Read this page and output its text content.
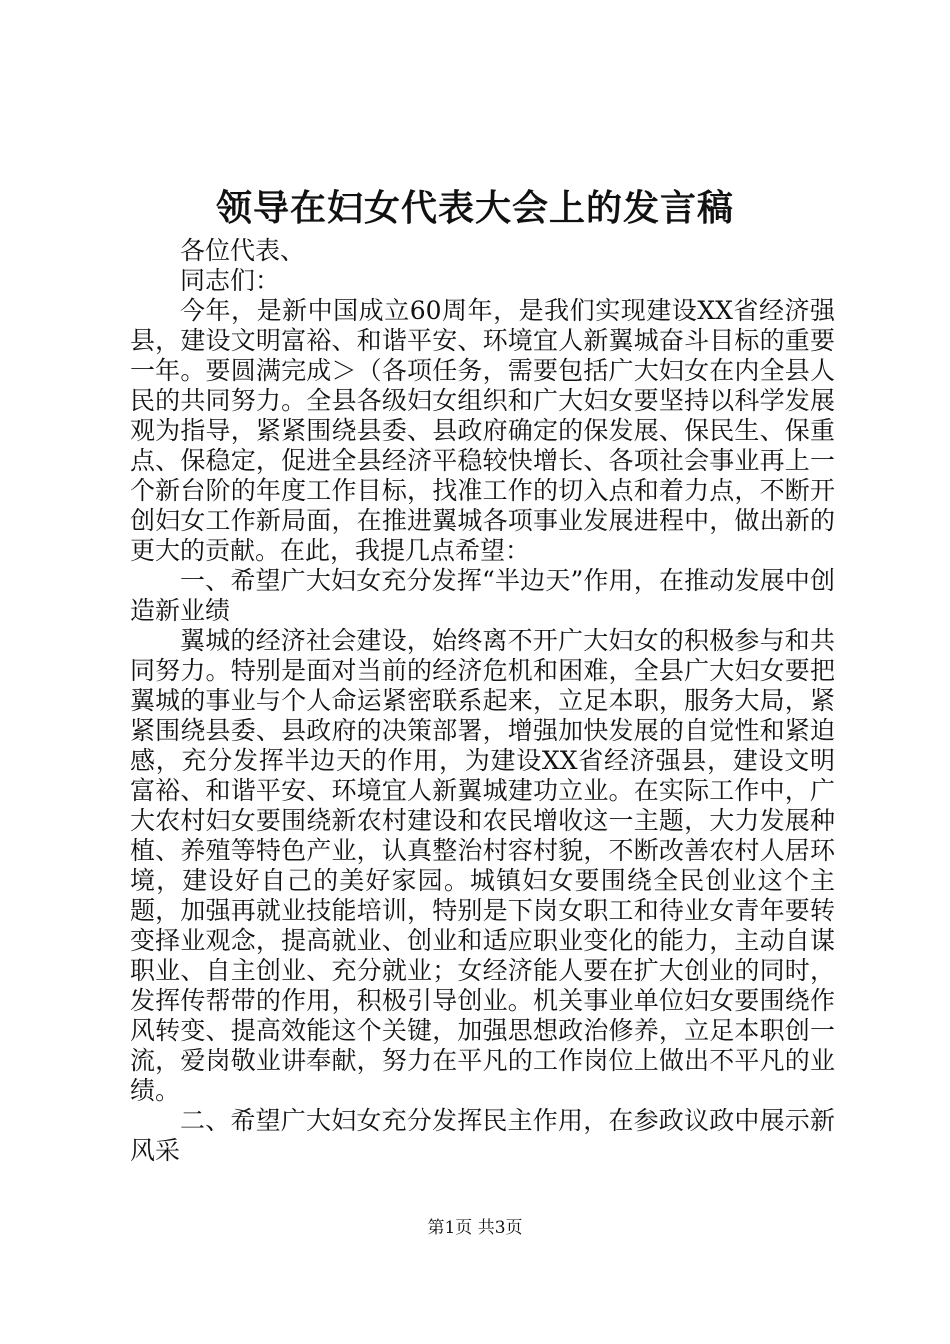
领导在妇女代表大会上的发言稿

各位代表、

同志们：

今年，是新中国成立60周年，是我们实现建设XX省经济强县，建设文明富裕、和谐平安、环境宜人新翼城奋斗目标的重要一年。要圆满完成＞（各项任务，需要包括广大妇女在内全县人民的共同努力。全县各级妇女组织和广大妇女要坚持以科学发展观为指导，紧紧围绕县委、县政府确定的保发展、保民生、保重点、保稳定，促进全县经济平稳较快增长、各项社会事业再上一个新台阶的年度工作目标，找准工作的切入点和着力点，不断开创妇女工作新局面，在推进翼城各项事业发展进程中，做出新的更大的贡献。在此，我提几点希望：

一、希望广大妇女充分发挥“半边天”作用，在推动发展中创造新业绩

翼城的经济社会建设，始终离不开广大妇女的积极参与和共同努力。特别是面对当前的经济危机和困难，全县广大妇女要把翼城的事业与个人命运紧密联系起来，立足本职，服务大局，紧紧围绕县委、县政府的决策部署，增强加快发展的自觉性和紧迫感，充分发挥半边天的作用，为建设XX省经济强县，建设文明富裕、和谐平安、环境宜人新翼城建功立业。在实际工作中，广大农村妇女要围绕新农村建设和农民增收这一主题，大力发展种植、养殖等特色产业，认真整治村容村貌，不断改善农村人居环境，建设好自己的美好家园。城镇妇女要围绕全民创业这个主题，加强再就业技能培训，特别是下岗女职工和待业女青年要转变择业观念，提高就业、创业和适应职业变化的能力，主动自谋职业、自主创业、充分就业；女经济能人要在扩大创业的同时，发挥传帮带的作用，积极引导创业。机关事业单位妇女要围绕作风转变、提高效能这个关键，加强思想政治修养，立足本职创一流，爱岗敬业讲奉献，努力在平凡的工作岗位上做出不平凡的业绩。

二、希望广大妇女充分发挥民主作用，在参政议政中展示新风采

第1页 共3页
